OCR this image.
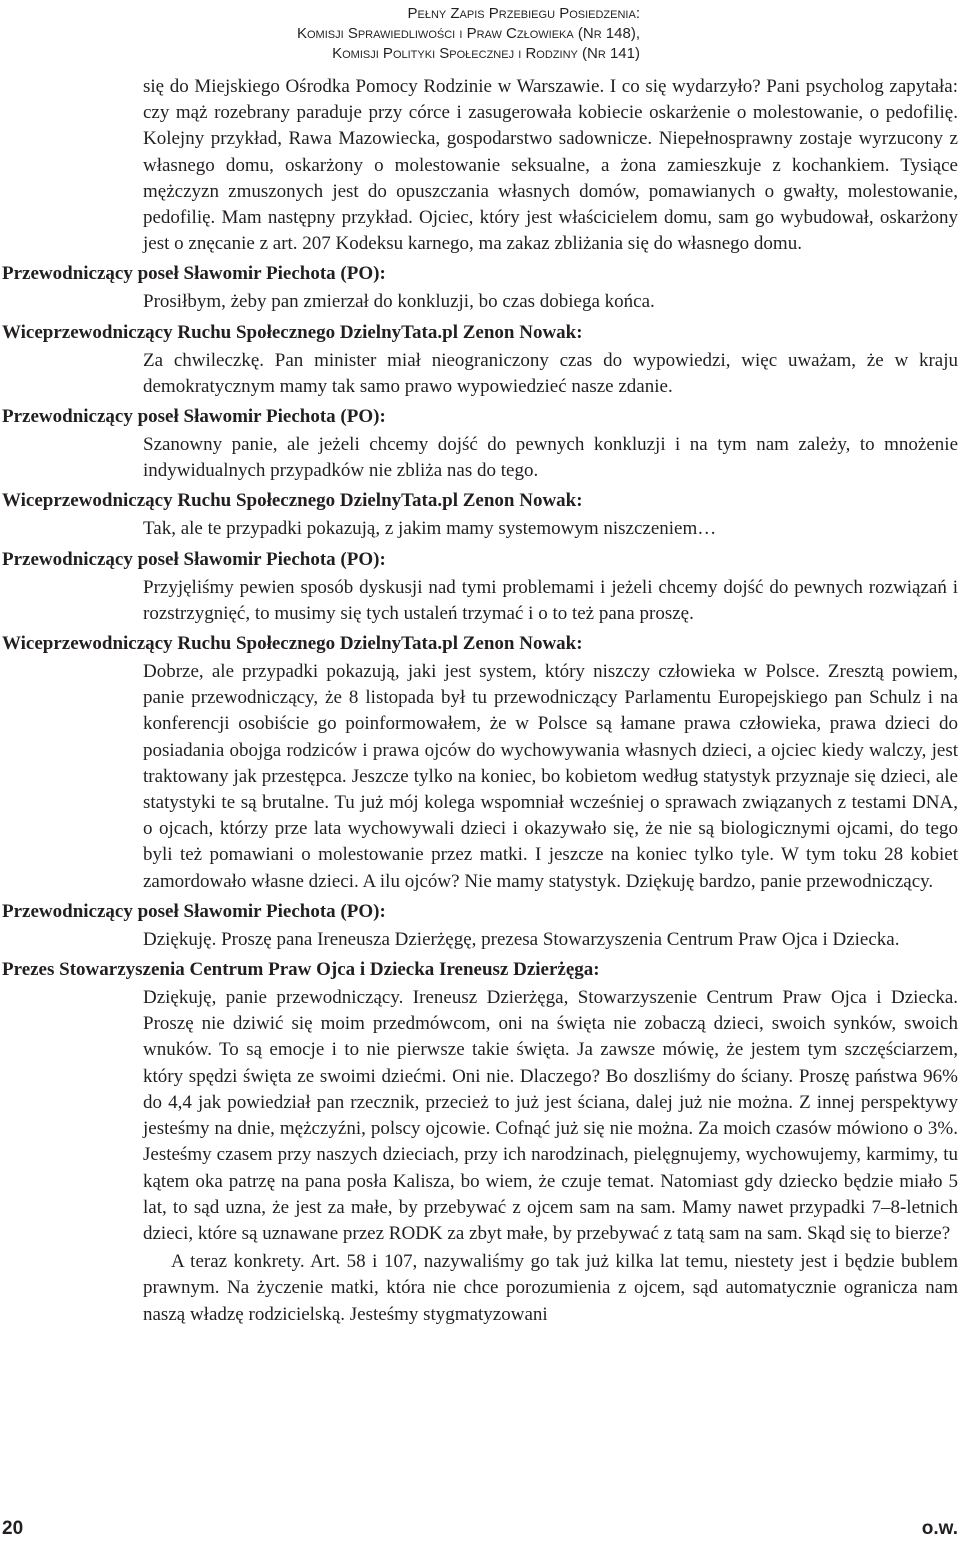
Pełny Zapis Przebiegu Posiedzenia:
Komisji Sprawiedliwości i Praw Człowieka (Nr 148),
Komisji Polityki Społecznej i Rodziny (Nr 141)
się do Miejskiego Ośrodka Pomocy Rodzinie w Warszawie. I co się wydarzyło? Pani psycholog zapytała: czy mąż rozebrany paraduje przy córce i zasugerowała kobiecie oskarżenie o molestowanie, o pedofilię. Kolejny przykład, Rawa Mazowiecka, gospodarstwo sadownicze. Niepełnosprawny zostaje wyrzucony z własnego domu, oskarżony o molestowanie seksualne, a żona zamieszkuje z kochankiem. Tysiące mężczyzn zmuszonych jest do opuszczania własnych domów, pomawianych o gwałty, molestowanie, pedofilię. Mam następny przykład. Ojciec, który jest właścicielem domu, sam go wybudował, oskarżony jest o znęcanie z art. 207 Kodeksu karnego, ma zakaz zbliżania się do własnego domu.
Przewodniczący poseł Sławomir Piechota (PO):
Prosiłbym, żeby pan zmierzał do konkluzji, bo czas dobiega końca.
Wiceprzewodniczący Ruchu Społecznego DzielnyTata.pl Zenon Nowak:
Za chwileczkę. Pan minister miał nieograniczony czas do wypowiedzi, więc uważam, że w kraju demokratycznym mamy tak samo prawo wypowiedzieć nasze zdanie.
Przewodniczący poseł Sławomir Piechota (PO):
Szanowny panie, ale jeżeli chcemy dojść do pewnych konkluzji i na tym nam zależy, to mnożenie indywidualnych przypadków nie zbliża nas do tego.
Wiceprzewodniczący Ruchu Społecznego DzielnyTata.pl Zenon Nowak:
Tak, ale te przypadki pokazują, z jakim mamy systemowym niszczeniem…
Przewodniczący poseł Sławomir Piechota (PO):
Przyjęliśmy pewien sposób dyskusji nad tymi problemami i jeżeli chcemy dojść do pewnych rozwiązań i rozstrzygnięć, to musimy się tych ustaleń trzymać i o to też pana proszę.
Wiceprzewodniczący Ruchu Społecznego DzielnyTata.pl Zenon Nowak:
Dobrze, ale przypadki pokazują, jaki jest system, który niszczy człowieka w Polsce. Zresztą powiem, panie przewodniczący, że 8 listopada był tu przewodniczący Parlamentu Europejskiego pan Schulz i na konferencji osobiście go poinformowałem, że w Polsce są łamane prawa człowieka, prawa dzieci do posiadania obojga rodziców i prawa ojców do wychowywania własnych dzieci, a ojciec kiedy walczy, jest traktowany jak przestępca. Jeszcze tylko na koniec, bo kobietom według statystyk przyznaje się dzieci, ale statystyki te są brutalne. Tu już mój kolega wspomniał wcześniej o sprawach związanych z testami DNA, o ojcach, którzy prze lata wychowywali dzieci i okazywało się, że nie są biologicznymi ojcami, do tego byli też pomawiani o molestowanie przez matki. I jeszcze na koniec tylko tyle. W tym toku 28 kobiet zamordowało własne dzieci. A ilu ojców? Nie mamy statystyk. Dziękuję bardzo, panie przewodniczący.
Przewodniczący poseł Sławomir Piechota (PO):
Dziękuję. Proszę pana Ireneusza Dzierżęgę, prezesa Stowarzyszenia Centrum Praw Ojca i Dziecka.
Prezes Stowarzyszenia Centrum Praw Ojca i Dziecka Ireneusz Dzierżęga:
Dziękuję, panie przewodniczący. Ireneusz Dzierżęga, Stowarzyszenie Centrum Praw Ojca i Dziecka. Proszę nie dziwić się moim przedmówcom, oni na święta nie zobaczą dzieci, swoich synków, swoich wnuków. To są emocje i to nie pierwsze takie święta. Ja zawsze mówię, że jestem tym szczęściarzem, który spędzi święta ze swoimi dziećmi. Oni nie. Dlaczego? Bo doszliśmy do ściany. Proszę państwa 96% do 4,4 jak powiedział pan rzecznik, przecież to już jest ściana, dalej już nie można. Z innej perspektywy jesteśmy na dnie, mężczyźni, polscy ojcowie. Cofnąć już się nie można. Za moich czasów mówiono o 3%. Jesteśmy czasem przy naszych dzieciach, przy ich narodzinach, pielęgnujemy, wychowujemy, karmimy, tu kątem oka patrzę na pana posła Kalisza, bo wiem, że czuje temat. Natomiast gdy dziecko będzie miało 5 lat, to sąd uzna, że jest za małe, by przebywać z ojcem sam na sam. Mamy nawet przypadki 7–8-letnich dzieci, które są uznawane przez RODK za zbyt małe, by przebywać z tatą sam na sam. Skąd się to bierze?
A teraz konkrety. Art. 58 i 107, nazywaliśmy go tak już kilka lat temu, niestety jest i będzie bublem prawnym. Na życzenie matki, która nie chce porozumienia z ojcem, sąd automatycznie ogranicza nam naszą władzę rodzicielską. Jesteśmy stygmatyzowani
20	o.w.
